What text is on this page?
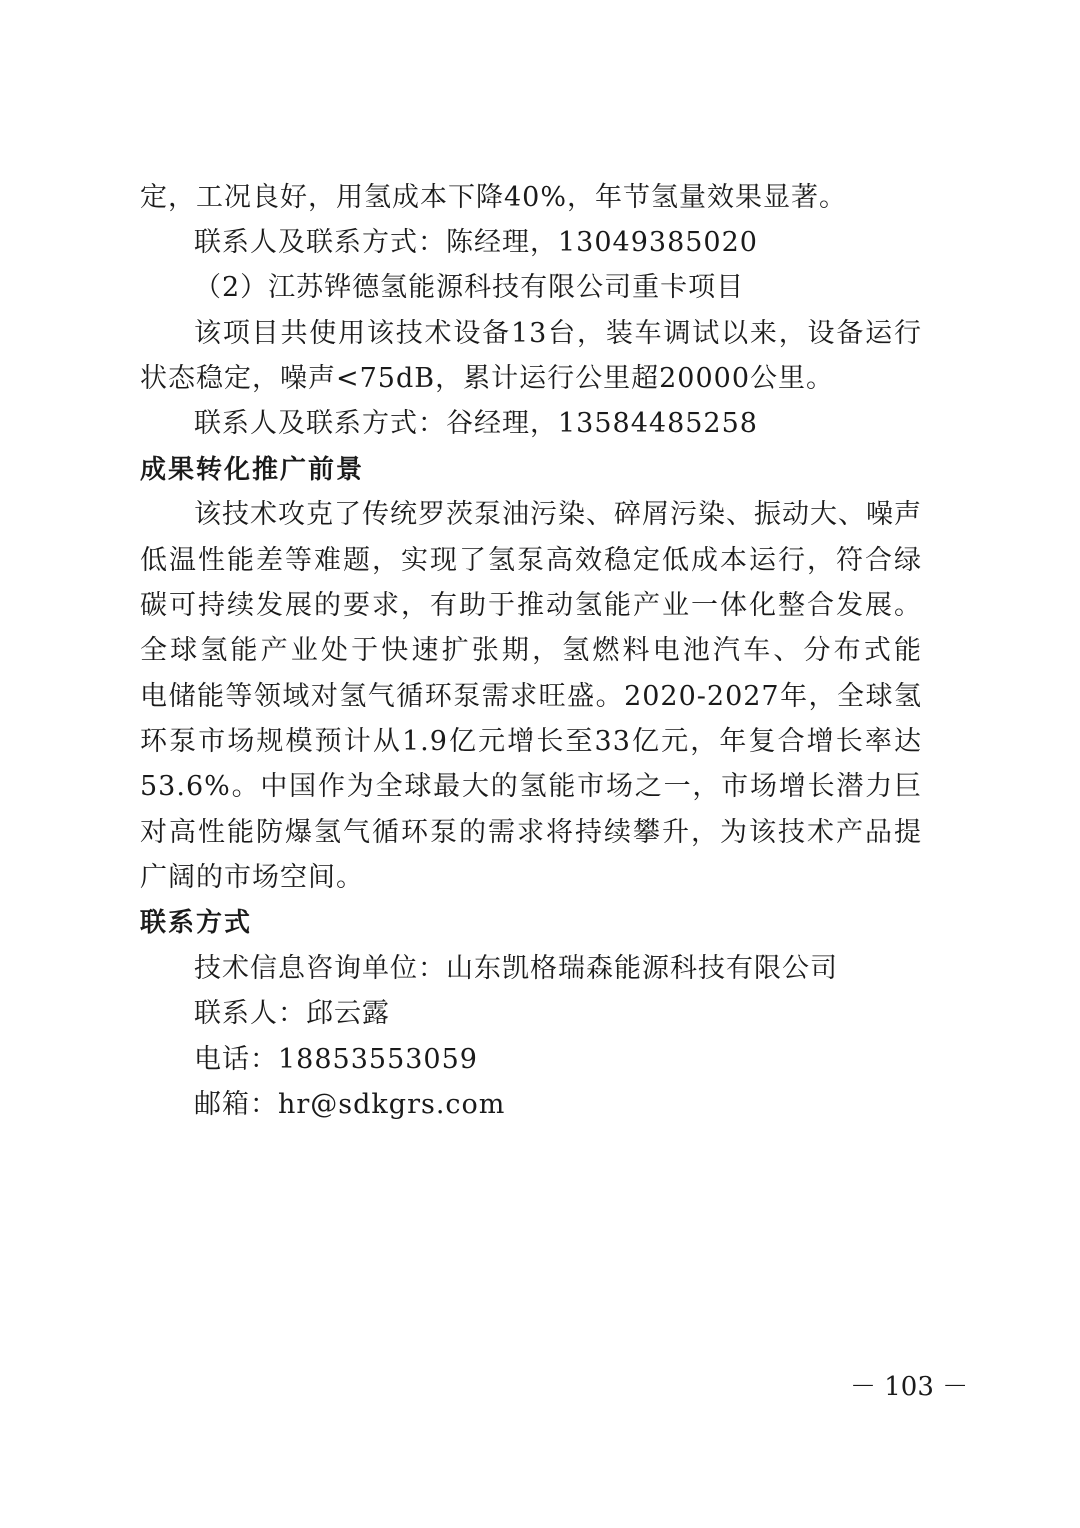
定，工况良好，用氢成本下降40%，年节氢量效果显著。
联系人及联系方式：陈经理，13049385020
（2）江苏铧德氢能源科技有限公司重卡项目
该项目共使用该技术设备13台，装车调试以来，设备运行
状态稳定，噪声<75dB，累计运行公里超20000公里。
联系人及联系方式：谷经理，13584485258
成果转化推广前景
该技术攻克了传统罗茨泵油污染、碎屑污染、振动大、噪声
低温性能差等难题，实现了氢泵高效稳定低成本运行，符合绿
碳可持续发展的要求，有助于推动氢能产业一体化整合发展。
全球氢能产业处于快速扩张期，氢燃料电池汽车、分布式能
电储能等领域对氢气循环泵需求旺盛。2020-2027年，全球氢
环泵市场规模预计从1.9亿元增长至33亿元，年复合增长率达
53.6%。中国作为全球最大的氢能市场之一，市场增长潜力巨
对高性能防爆氢气循环泵的需求将持续攀升，为该技术产品提
广阔的市场空间。
联系方式
技术信息咨询单位：山东凯格瑞森能源科技有限公司
联系人：邱云露
电话：18853553059
邮箱：hr@sdkgrs.com
－ 103 －
